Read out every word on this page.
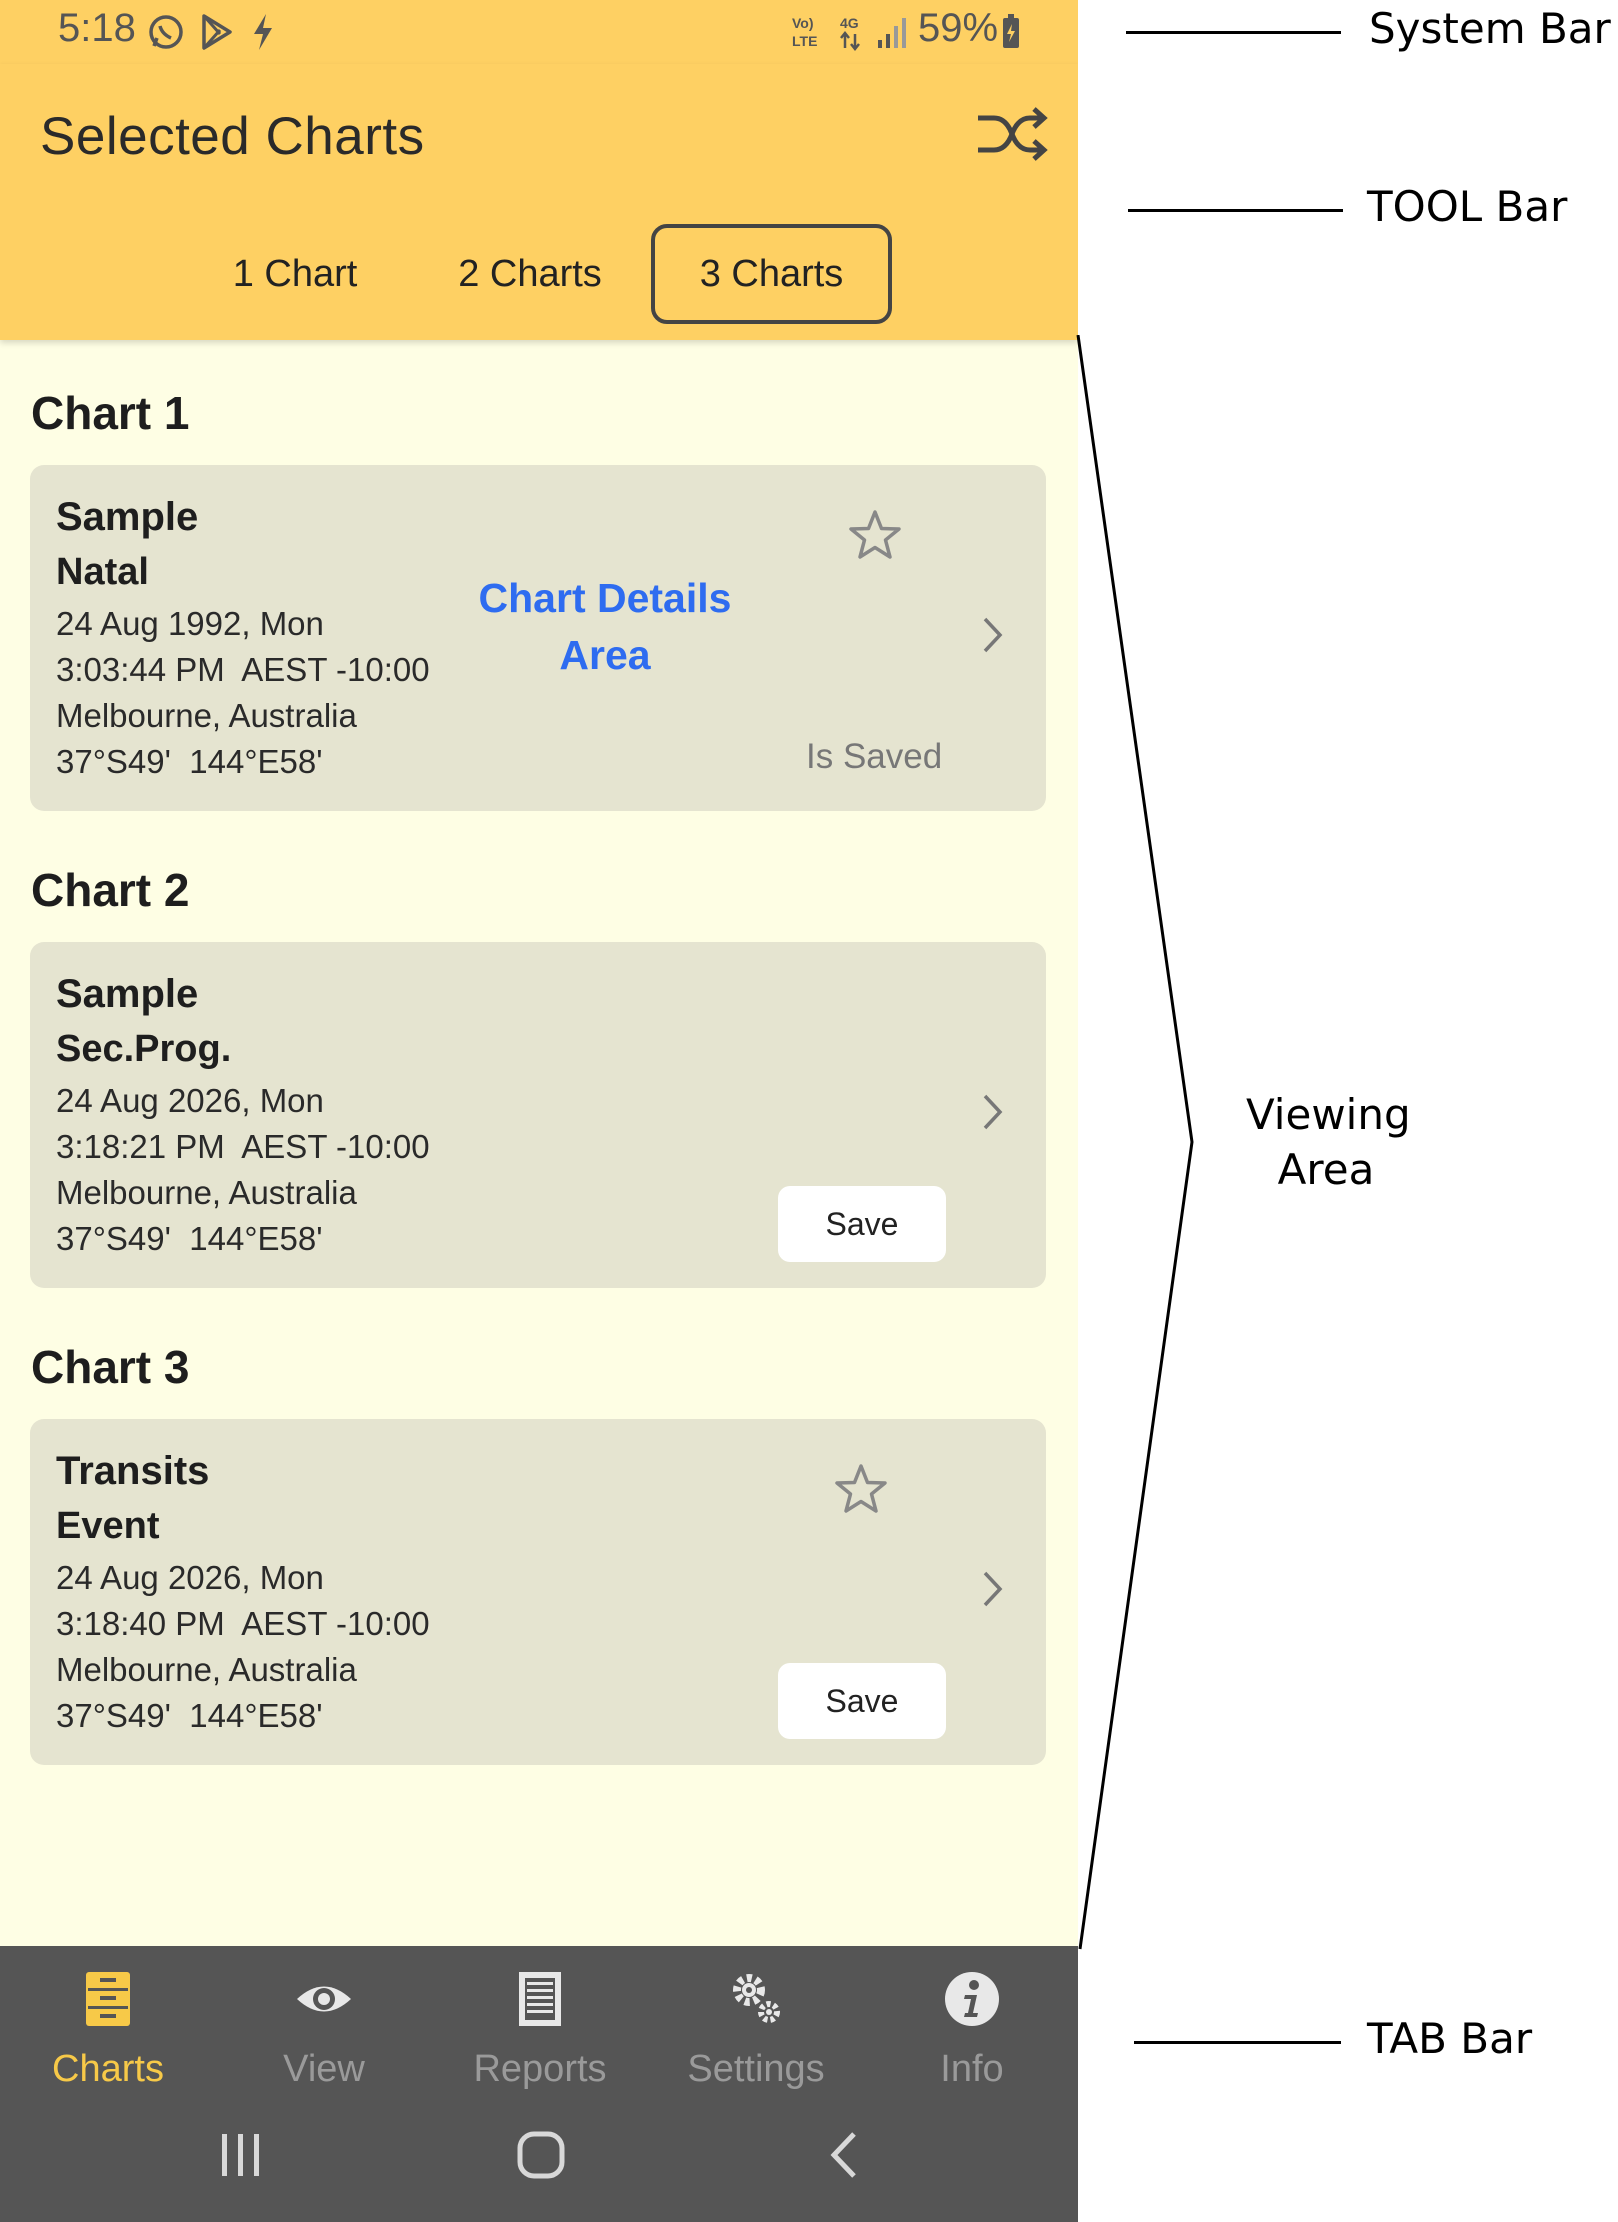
5:18	Vo)
LTE
4G 59%
Selected Charts
1 Chart	2 Charts	3 Charts
Chart 1
Sample
Natal
24 Aug 1992, Mon
3:03:44 PM  AEST -10:00
Melbourne, Australia
37°S49'  144°E58'	Is Saved
Chart Details
Area
Chart 2
Sample
Sec.Prog.
24 Aug 2026, Mon
3:18:21 PM  AEST -10:00
Melbourne, Australia
37°S49'  144°E58'	Save
Chart 3
Transits
Event
24 Aug 2026, Mon
3:18:40 PM  AEST -10:00
Melbourne, Australia
37°S49'  144°E58'	Save
Charts	View	Reports	Settings	Info
System Bar
TOOL Bar
Viewing
Area
TAB Bar
